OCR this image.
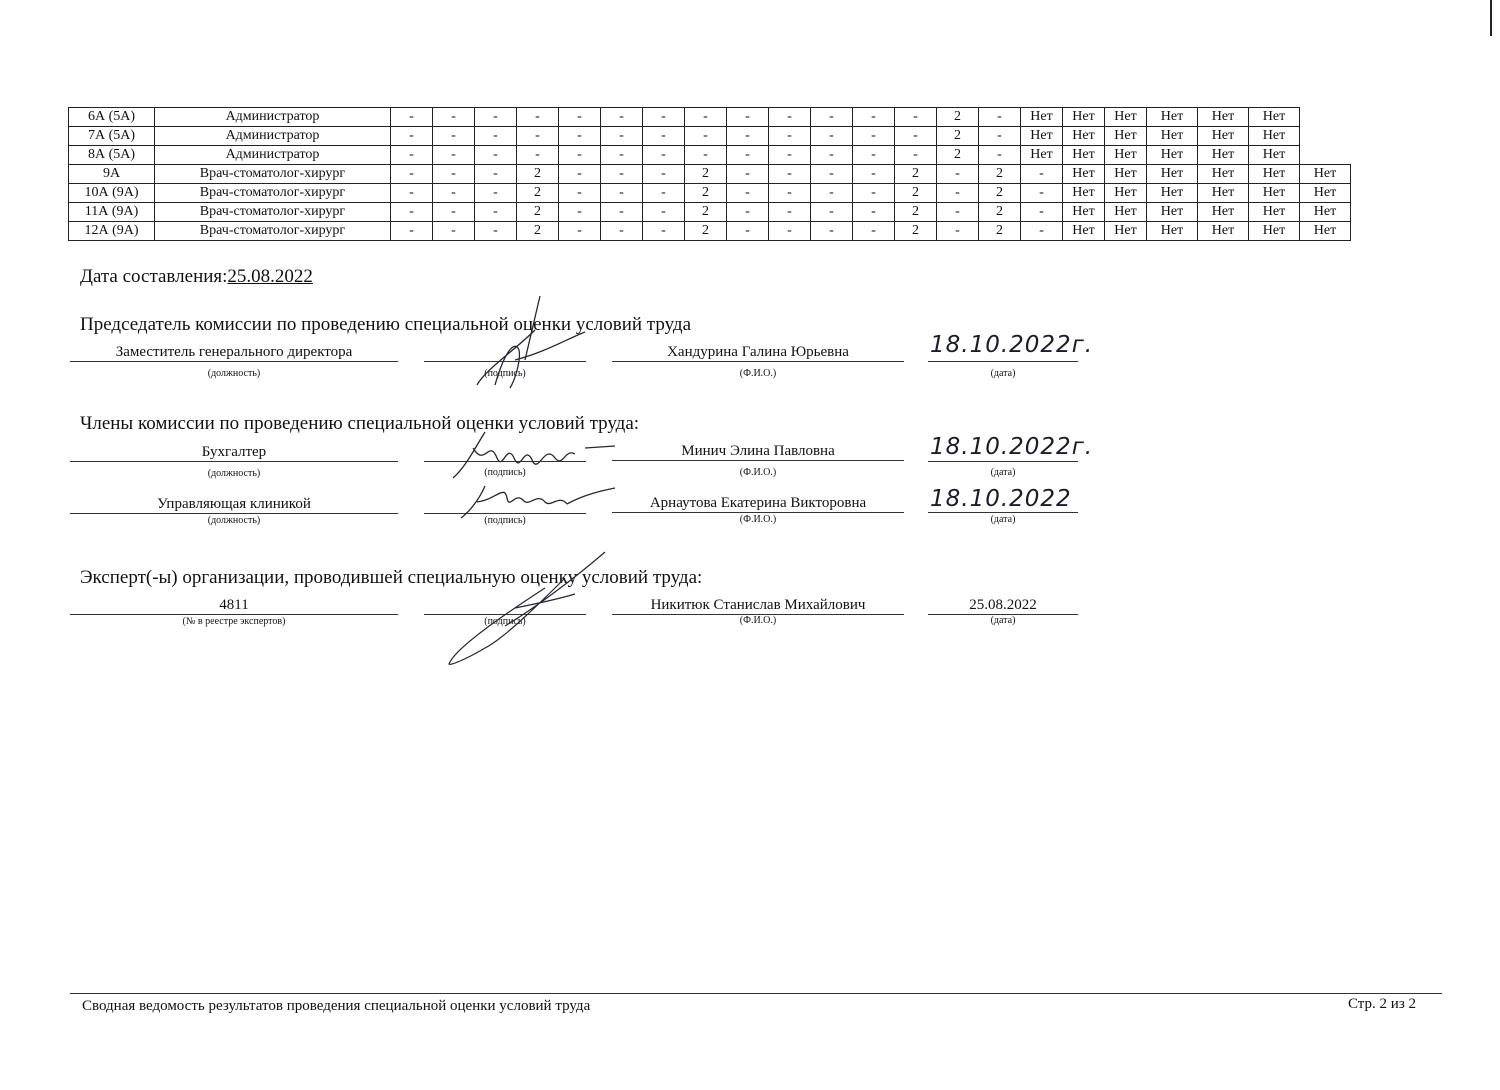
6А (5А)	Администратор	-	-	-	-	-	-	-	-	-	-	-	-	-	2	-	Нет	Нет	Нет	Нет	Нет	Нет	
7А (5А)	Администратор	-	-	-	-	-	-	-	-	-	-	-	-	-	2	-	Нет	Нет	Нет	Нет	Нет	Нет	
8А (5А)	Администратор	-	-	-	-	-	-	-	-	-	-	-	-	-	2	-	Нет	Нет	Нет	Нет	Нет	Нет	
9А	Врач-стоматолог-хирург	-	-	-	2	-	-	-	2	-	-	-	-	2	-	2	-	Нет	Нет	Нет	Нет	Нет	Нет
10А (9А)	Врач-стоматолог-хирург	-	-	-	2	-	-	-	2	-	-	-	-	2	-	2	-	Нет	Нет	Нет	Нет	Нет	Нет
11А (9А)	Врач-стоматолог-хирург	-	-	-	2	-	-	-	2	-	-	-	-	2	-	2	-	Нет	Нет	Нет	Нет	Нет	Нет
12А (9А)	Врач-стоматолог-хирург	-	-	-	2	-	-	-	2	-	-	-	-	2	-	2	-	Нет	Нет	Нет	Нет	Нет	Нет
Дата составления:25.08.2022
Председатель комиссии по проведению специальной оценки условий труда
Заместитель генерального директора	Хандурина Галина Юрьевна	18.10.2022г.
(должность)	(подпись)	(Ф.И.О.)	(дата)
Члены комиссии по проведению специальной оценки условий труда:
Бухгалтер	Минич Элина Павловна	18.10.2022г.
(должность)	(подпись)	(Ф.И.О.)	(дата)
Управляющая клиникой	Арнаутова Екатерина Викторовна	18.10.2022
(должность)	(подпись)	(Ф.И.О.)	(дата)
Эксперт(-ы) организации, проводившей специальную оценку условий труда:
4811	Никитюк Станислав Михайлович	25.08.2022
(№ в реестре экспертов)	(подпись)	(Ф.И.О.)	(дата)
Сводная ведомость результатов проведения специальной оценки условий труда	Стр. 2 из 2
